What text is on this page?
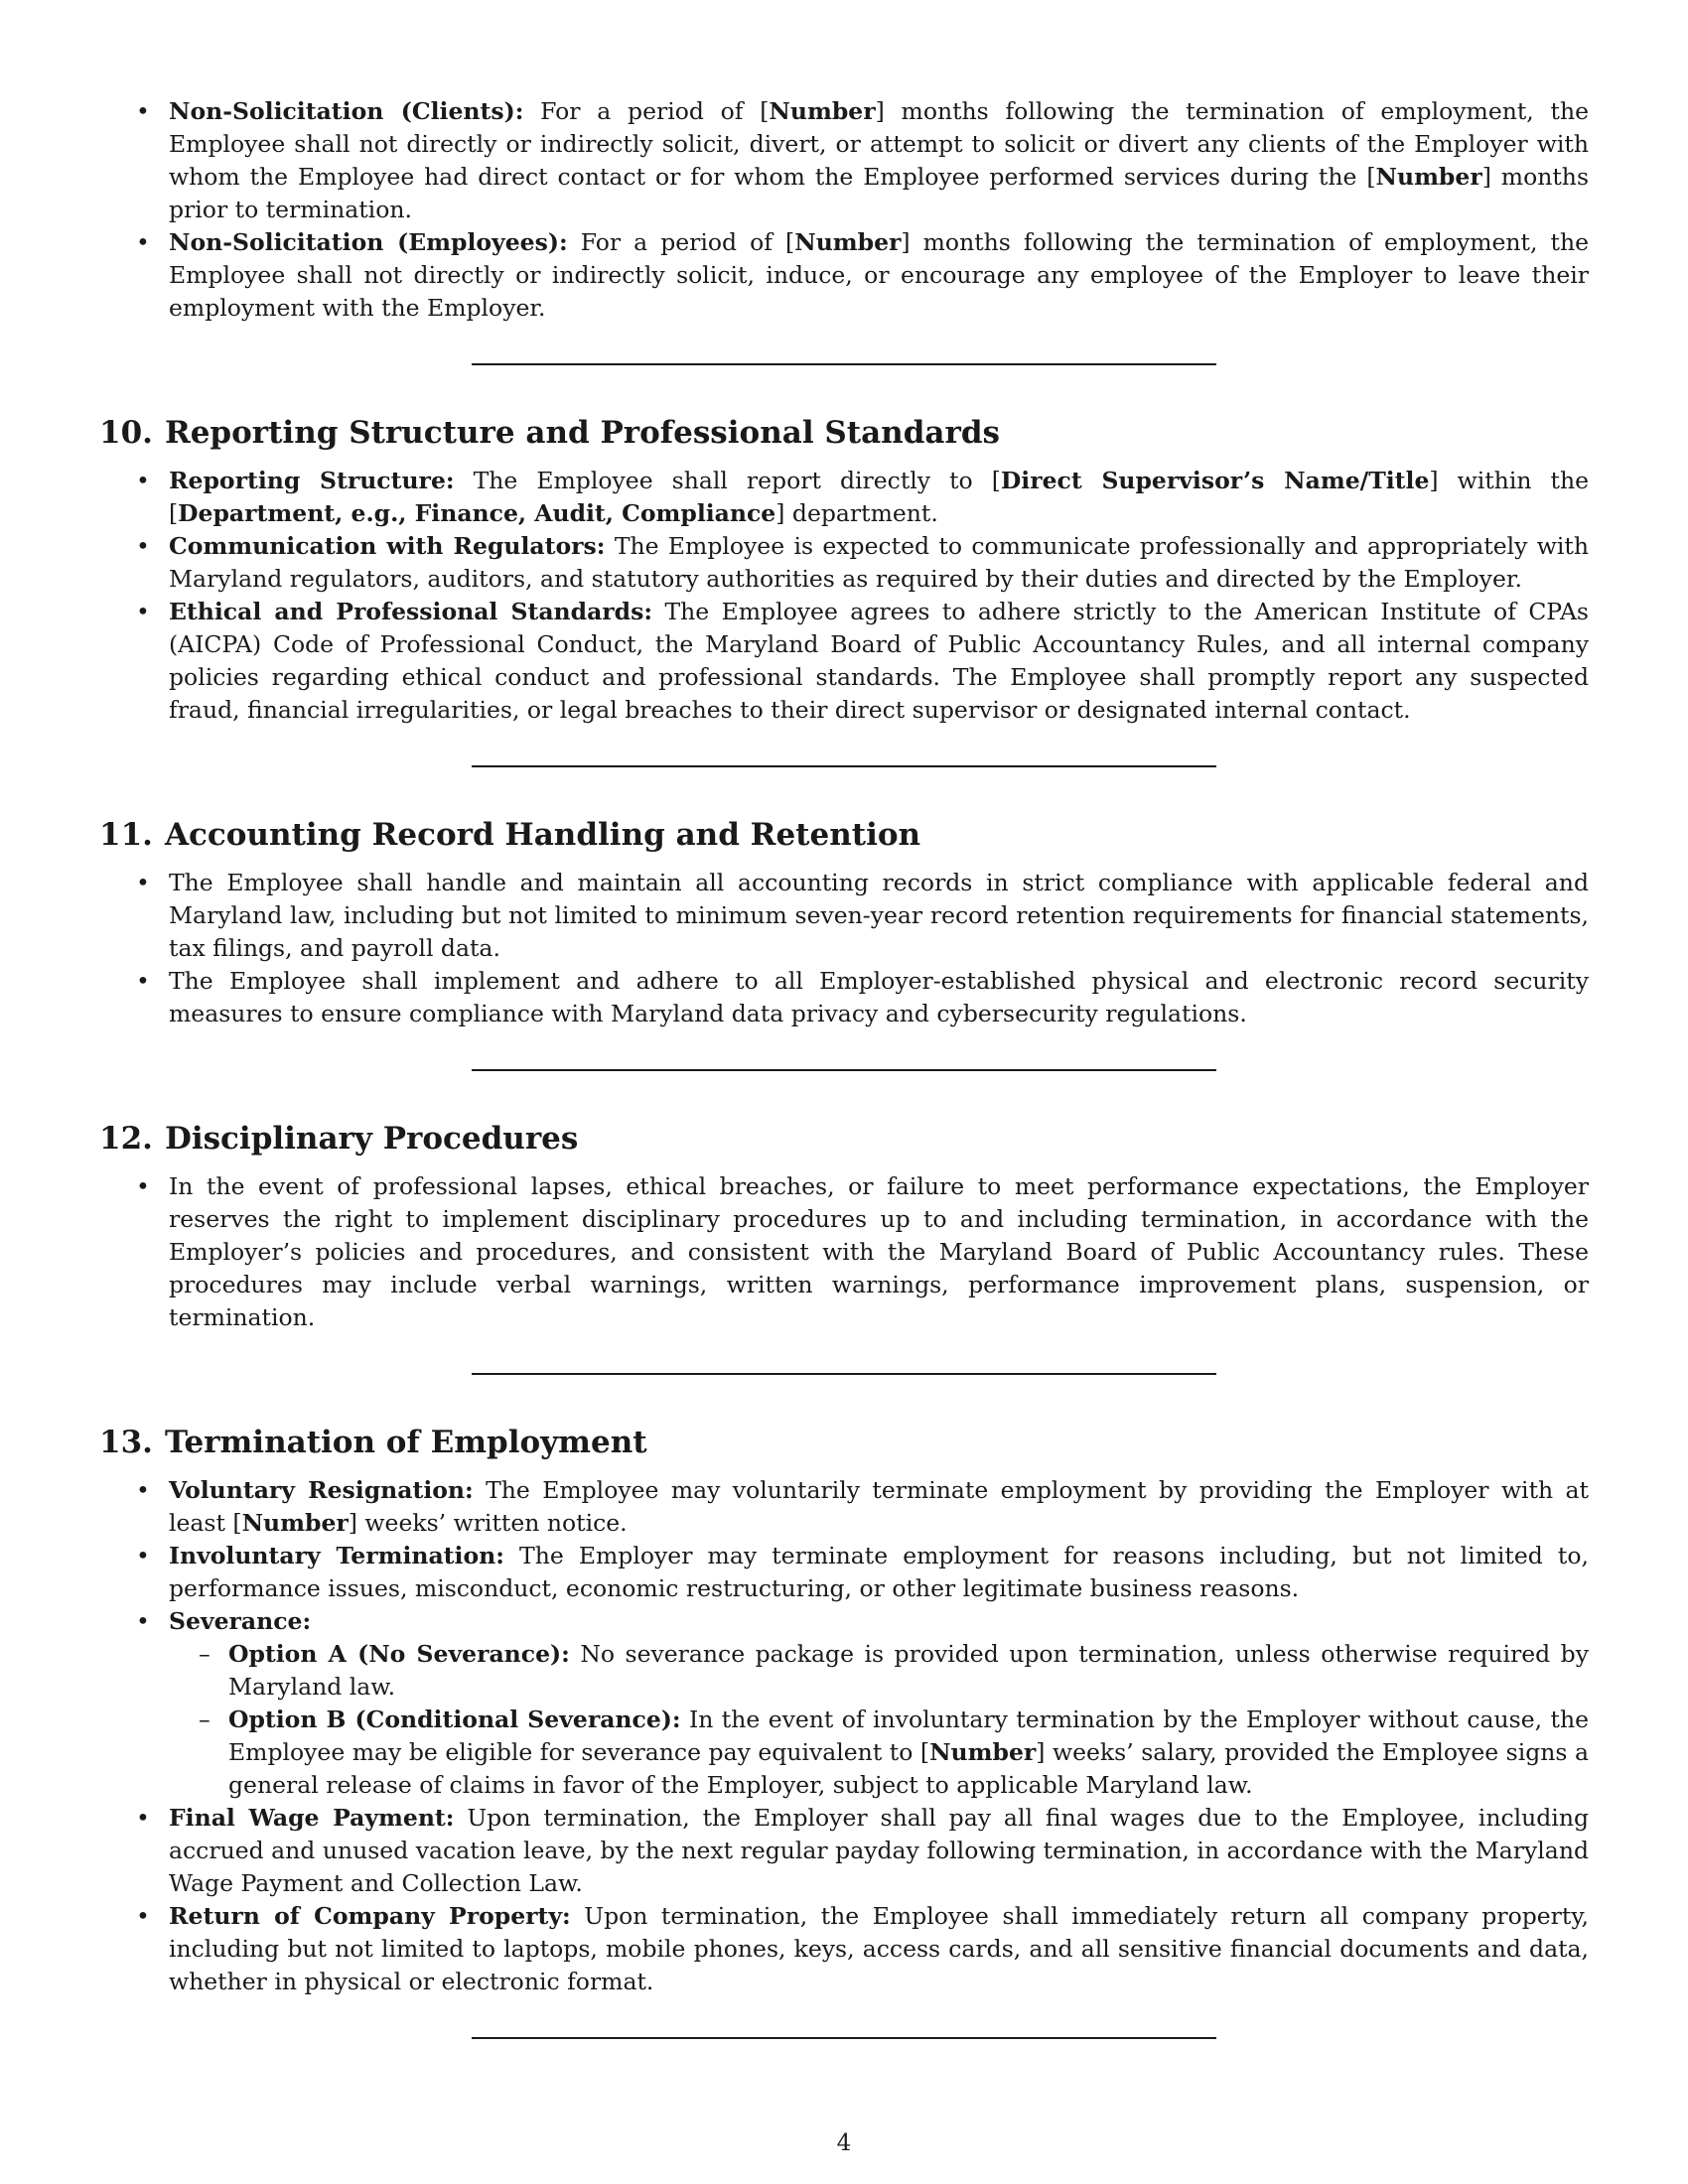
• Non-Solicitation (Clients): For a period of [Number] months following the termination of employment, the Employee shall not directly or indirectly solicit, divert, or attempt to solicit or divert any clients of the Employer with whom the Employee had direct contact or for whom the Employee performed services during the [Number] months prior to termination.
• Non-Solicitation (Employees): For a period of [Number] months following the termination of employment, the Employee shall not directly or indirectly solicit, induce, or encourage any employee of the Employer to leave their employment with the Employer.
10. Reporting Structure and Professional Standards
• Reporting Structure: The Employee shall report directly to [Direct Supervisor’s Name/Title] within the [Department, e.g., Finance, Audit, Compliance] department.
• Communication with Regulators: The Employee is expected to communicate professionally and appropriately with Maryland regulators, auditors, and statutory authorities as required by their duties and directed by the Employer.
• Ethical and Professional Standards: The Employee agrees to adhere strictly to the American Institute of CPAs (AICPA) Code of Professional Conduct, the Maryland Board of Public Accountancy Rules, and all internal company policies regarding ethical conduct and professional standards. The Employee shall promptly report any suspected fraud, financial irregularities, or legal breaches to their direct supervisor or designated internal contact.
11. Accounting Record Handling and Retention
• The Employee shall handle and maintain all accounting records in strict compliance with applicable federal and Maryland law, including but not limited to minimum seven-year record retention requirements for financial statements, tax filings, and payroll data.
• The Employee shall implement and adhere to all Employer-established physical and electronic record security measures to ensure compliance with Maryland data privacy and cybersecurity regulations.
12. Disciplinary Procedures
• In the event of professional lapses, ethical breaches, or failure to meet performance expectations, the Employer reserves the right to implement disciplinary procedures up to and including termination, in accordance with the Employer’s policies and procedures, and consistent with the Maryland Board of Public Accountancy rules. These procedures may include verbal warnings, written warnings, performance improvement plans, suspension, or termination.
13. Termination of Employment
• Voluntary Resignation: The Employee may voluntarily terminate employment by providing the Employer with at least [Number] weeks’ written notice.
• Involuntary Termination: The Employer may terminate employment for reasons including, but not limited to, performance issues, misconduct, economic restructuring, or other legitimate business reasons.
• Severance:
– Option A (No Severance): No severance package is provided upon termination, unless otherwise required by Maryland law.
– Option B (Conditional Severance): In the event of involuntary termination by the Employer without cause, the Employee may be eligible for severance pay equivalent to [Number] weeks’ salary, provided the Employee signs a general release of claims in favor of the Employer, subject to applicable Maryland law.
• Final Wage Payment: Upon termination, the Employer shall pay all final wages due to the Employee, including accrued and unused vacation leave, by the next regular payday following termination, in accordance with the Maryland Wage Payment and Collection Law.
• Return of Company Property: Upon termination, the Employee shall immediately return all company property, including but not limited to laptops, mobile phones, keys, access cards, and all sensitive financial documents and data, whether in physical or electronic format.
4
